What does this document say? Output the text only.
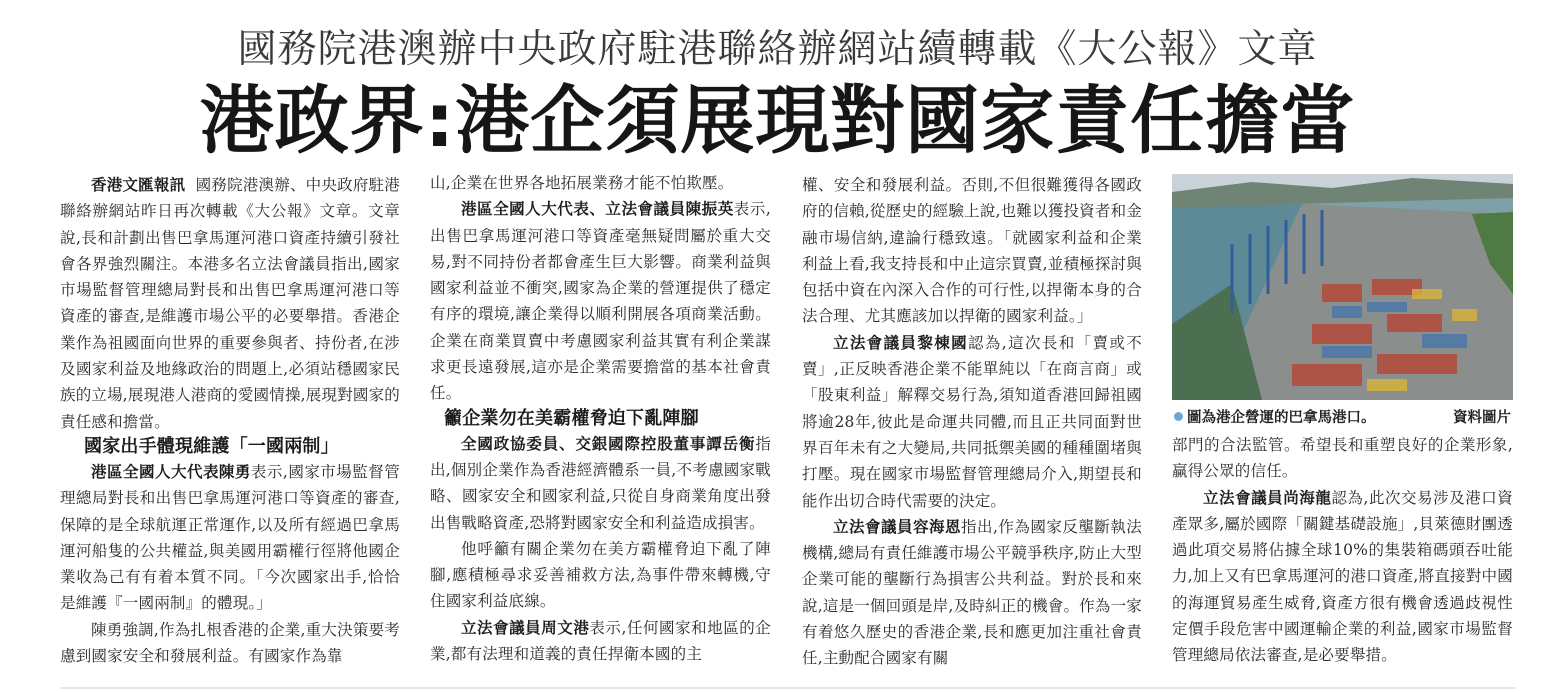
國務院港澳辦中央政府駐港聯絡辦網站續轉載《大公報》文章
港政界:港企須展現對國家責任擔當

香港文匯報訊 國務院港澳辦、中央政府駐港聯絡辦網站昨日再次轉載《大公報》文章。文章說,長和計劃出售巴拿馬運河港口資產持續引發社會各界強烈關注。本港多名立法會議員指出,國家市場監督管理總局對長和出售巴拿馬運河港口等資產的審查,是維護市場公平的必要舉措。香港企業作為祖國面向世界的重要參與者、持份者,在涉及國家利益及地緣政治的問題上,必須站穩國家民族的立場,展現港人港商的愛國情操,展現對國家的責任感和擔當。

國家出手體現維護「一國兩制」

港區全國人大代表陳勇表示,國家市場監督管理總局對長和出售巴拿馬運河港口等資產的審查,保障的是全球航運正常運作,以及所有經過巴拿馬運河船隻的公共權益,與美國用霸權行徑將他國企業收為己有有着本質不同。「今次國家出手,恰恰是維護『一國兩制』的體現。」

陳勇強調,作為扎根香港的企業,重大決策要考慮到國家安全和發展利益。有國家作為靠

山,企業在世界各地拓展業務才能不怕欺壓。

港區全國人大代表、立法會議員陳振英表示,出售巴拿馬運河港口等資產毫無疑問屬於重大交易,對不同持份者都會產生巨大影響。商業利益與國家利益並不衝突,國家為企業的營運提供了穩定有序的環境,讓企業得以順利開展各項商業活動。企業在商業買賣中考慮國家利益其實有利企業謀求更長遠發展,這亦是企業需要擔當的基本社會責任。

籲企業勿在美霸權脅迫下亂陣腳

全國政協委員、交銀國際控股董事譚岳衡指出,個別企業作為香港經濟體系一員,不考慮國家戰略、國家安全和國家利益,只從自身商業角度出發出售戰略資產,恐將對國家安全和利益造成損害。

他呼籲有關企業勿在美方霸權脅迫下亂了陣腳,應積極尋求妥善補救方法,為事件帶來轉機,守住國家利益底線。

立法會議員周文港表示,任何國家和地區的企業,都有法理和道義的責任捍衛本國的主

權、安全和發展利益。否則,不但很難獲得各國政府的信賴,從歷史的經驗上說,也難以獲投資者和金融市場信納,違論行穩致遠。「就國家利益和企業利益上看,我支持長和中止這宗買賣,並積極探討與包括中資在內深入合作的可行性,以捍衛本身的合法合理、尤其應該加以捍衛的國家利益。」

立法會議員黎棟國認為,這次長和「賣或不賣」,正反映香港企業不能單純以「在商言商」或「股東利益」解釋交易行為,須知道香港回歸祖國將逾28年,彼此是命運共同體,而且正共同面對世界百年未有之大變局,共同抵禦美國的種種圍堵與打壓。現在國家市場監督管理總局介入,期望長和能作出切合時代需要的決定。

立法會議員容海恩指出,作為國家反壟斷執法機構,總局有責任維護市場公平競爭秩序,防止大型企業可能的壟斷行為損害公共利益。對於長和來說,這是一個回頭是岸,及時糾正的機會。作為一家有着悠久歷史的香港企業,長和應更加注重社會責任,主動配合國家有關

圖為港企營運的巴拿馬港口。	資料圖片

部門的合法監管。希望長和重塑良好的企業形象,贏得公眾的信任。

立法會議員尚海龍認為,此次交易涉及港口資產眾多,屬於國際「關鍵基礎設施」,貝萊德財團透過此項交易將佔據全球10%的集裝箱碼頭吞吐能力,加上又有巴拿馬運河的港口資產,將直接對中國的海運貿易產生威脅,資產方很有機會透過歧視性定價手段危害中國運輸企業的利益,國家市場監督管理總局依法審查,是必要舉措。
